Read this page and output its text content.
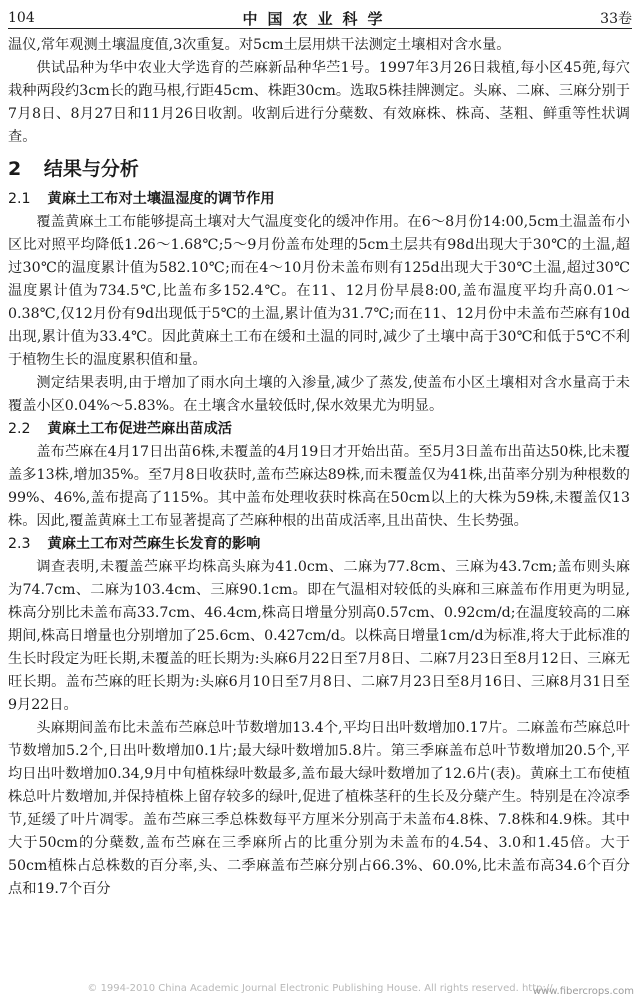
104	中国农业科学	33卷

温仪,常年观测土壤温度值,3次重复。对5cm土层用烘干法测定土壤相对含水量。

供试品种为华中农业大学选育的苎麻新品种华苎1号。1997年3月26日栽植,每小区45蔸,每穴栽种两段约3cm长的跑马根,行距45cm、株距30cm。选取5株挂牌测定。头麻、二麻、三麻分别于7月8日、8月27日和11月26日收割。收割后进行分蘖数、有效麻株、株高、茎粗、鲜重等性状调查。

2 结果与分析
2.1 黄麻土工布对土壤温湿度的调节作用

覆盖黄麻土工布能够提高土壤对大气温度变化的缓冲作用。在6～8月份14:00,5cm土温盖布小区比对照平均降低1.26～1.68℃;5～9月份盖布处理的5cm土层共有98d出现大于30℃的土温,超过30℃的温度累计值为582.10℃;而在4～10月份未盖布则有125d出现大于30℃土温,超过30℃温度累计值为734.5℃,比盖布多152.4℃。在11、12月份早晨8:00,盖布温度平均升高0.01～0.38℃,仅12月份有9d出现低于5℃的土温,累计值为31.7℃;而在11、12月份中未盖布苎麻有10d出现,累计值为33.4℃。因此黄麻土工布在缓和土温的同时,减少了土壤中高于30℃和低于5℃不利于植物生长的温度累积值和量。

测定结果表明,由于增加了雨水向土壤的入渗量,减少了蒸发,使盖布小区土壤相对含水量高于未覆盖小区0.04%～5.83%。在土壤含水量较低时,保水效果尤为明显。

2.2 黄麻土工布促进苎麻出苗成活

盖布苎麻在4月17日出苗6株,未覆盖的4月19日才开始出苗。至5月3日盖布出苗达50株,比未覆盖多13株,增加35%。至7月8日收获时,盖布苎麻达89株,而未覆盖仅为41株,出苗率分别为种根数的99%、46%,盖布提高了115%。其中盖布处理收获时株高在50cm以上的大株为59株,未覆盖仅13株。因此,覆盖黄麻土工布显著提高了苎麻种根的出苗成活率,且出苗快、生长势强。

2.3 黄麻土工布对苎麻生长发育的影响

调查表明,未覆盖苎麻平均株高头麻为41.0cm、二麻为77.8cm、三麻为43.7cm;盖布则头麻为74.7cm、二麻为103.4cm、三麻90.1cm。即在气温相对较低的头麻和三麻盖布作用更为明显,株高分别比未盖布高33.7cm、46.4cm,株高日增量分别高0.57cm、0.92cm/d;在温度较高的二麻期间,株高日增量也分别增加了25.6cm、0.427cm/d。以株高日增量1cm/d为标准,将大于此标准的生长时段定为旺长期,未覆盖的旺长期为:头麻6月22日至7月8日、二麻7月23日至8月12日、三麻无旺长期。盖布苎麻的旺长期为:头麻6月10日至7月8日、二麻7月23日至8月16日、三麻8月31日至9月22日。

头麻期间盖布比未盖布苎麻总叶节数增加13.4个,平均日出叶数增加0.17片。二麻盖布苎麻总叶节数增加5.2个,日出叶数增加0.1片;最大绿叶数增加5.8片。第三季麻盖布总叶节数增加20.5个,平均日出叶数增加0.34,9月中旬植株绿叶数最多,盖布最大绿叶数增加了12.6片(表)。黄麻土工布使植株总叶片数增加,并保持植株上留存较多的绿叶,促进了植株茎秆的生长及分蘖产生。特别是在冷凉季节,延缓了叶片凋零。盖布苎麻三季总株数每平方厘米分别高于未盖布4.8株、7.8株和4.9株。其中大于50cm的分蘖数,盖布苎麻在三季麻所占的比重分别为未盖布的4.54、3.0和1.45倍。大于50cm植株占总株数的百分率,头、二季麻盖布苎麻分别占66.3%、60.0%,比未盖布高34.6个百分点和19.7个百分

© 1994-2010 China Academic Journal Electronic Publishing House. All rights reserved. http://
www.fibercrops.com
